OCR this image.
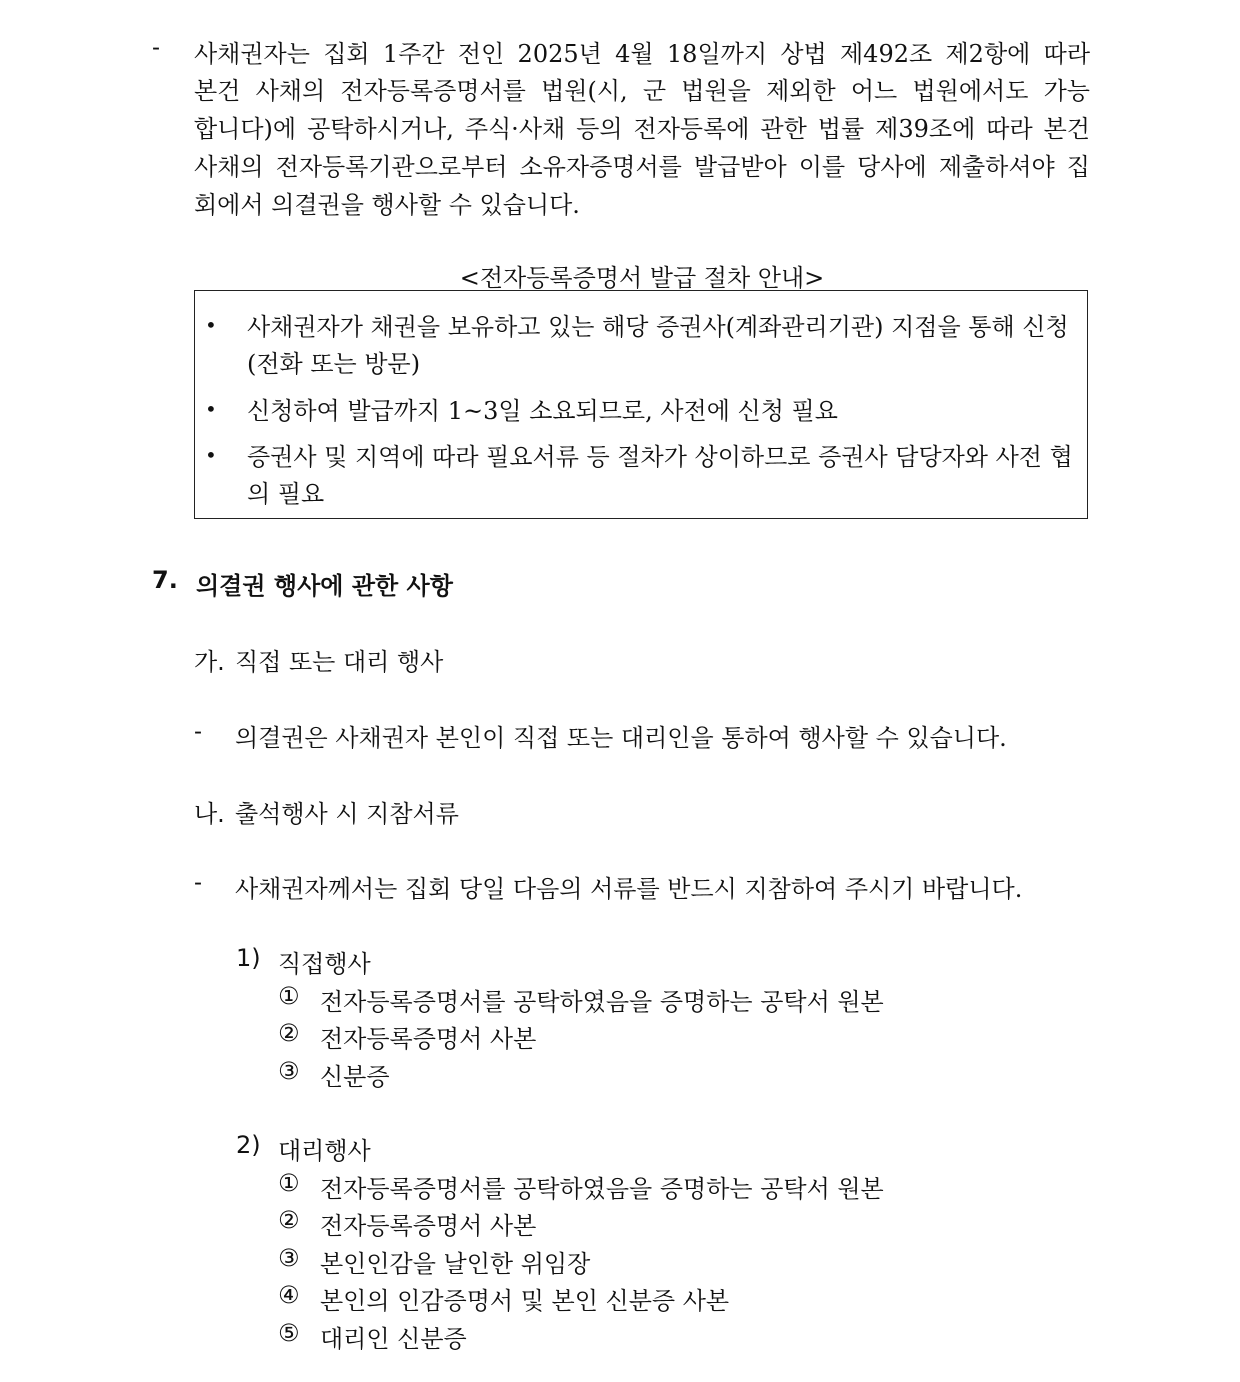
- 사채권자는 집회 1주간 전인 2025년 4월 18일까지 상법 제492조 제2항에 따라
본건 사채의 전자등록증명서를 법원(시, 군 법원을 제외한 어느 법원에서도 가능
합니다)에 공탁하시거나, 주식·사채 등의 전자등록에 관한 법률 제39조에 따라 본건
사채의 전자등록기관으로부터 소유자증명서를 발급받아 이를 당사에 제출하셔야 집
회에서 의결권을 행사할 수 있습니다.
<전자등록증명서 발급 절차 안내>
• 사채권자가 채권을 보유하고 있는 해당 증권사(계좌관리기관) 지점을 통해 신청
(전화 또는 방문)
• 신청하여 발급까지 1~3일 소요되므로, 사전에 신청 필요
• 증권사 및 지역에 따라 필요서류 등 절차가 상이하므로 증권사 담당자와 사전 협
의 필요
7. 의결권 행사에 관한 사항
가. 직접 또는 대리 행사
- 의결권은 사채권자 본인이 직접 또는 대리인을 통하여 행사할 수 있습니다.
나. 출석행사 시 지참서류
- 사채권자께서는 집회 당일 다음의 서류를 반드시 지참하여 주시기 바랍니다.
1) 직접행사
① 전자등록증명서를 공탁하였음을 증명하는 공탁서 원본
② 전자등록증명서 사본
③ 신분증
2) 대리행사
① 전자등록증명서를 공탁하였음을 증명하는 공탁서 원본
② 전자등록증명서 사본
③ 본인인감을 날인한 위임장
④ 본인의 인감증명서 및 본인 신분증 사본
⑤ 대리인 신분증
